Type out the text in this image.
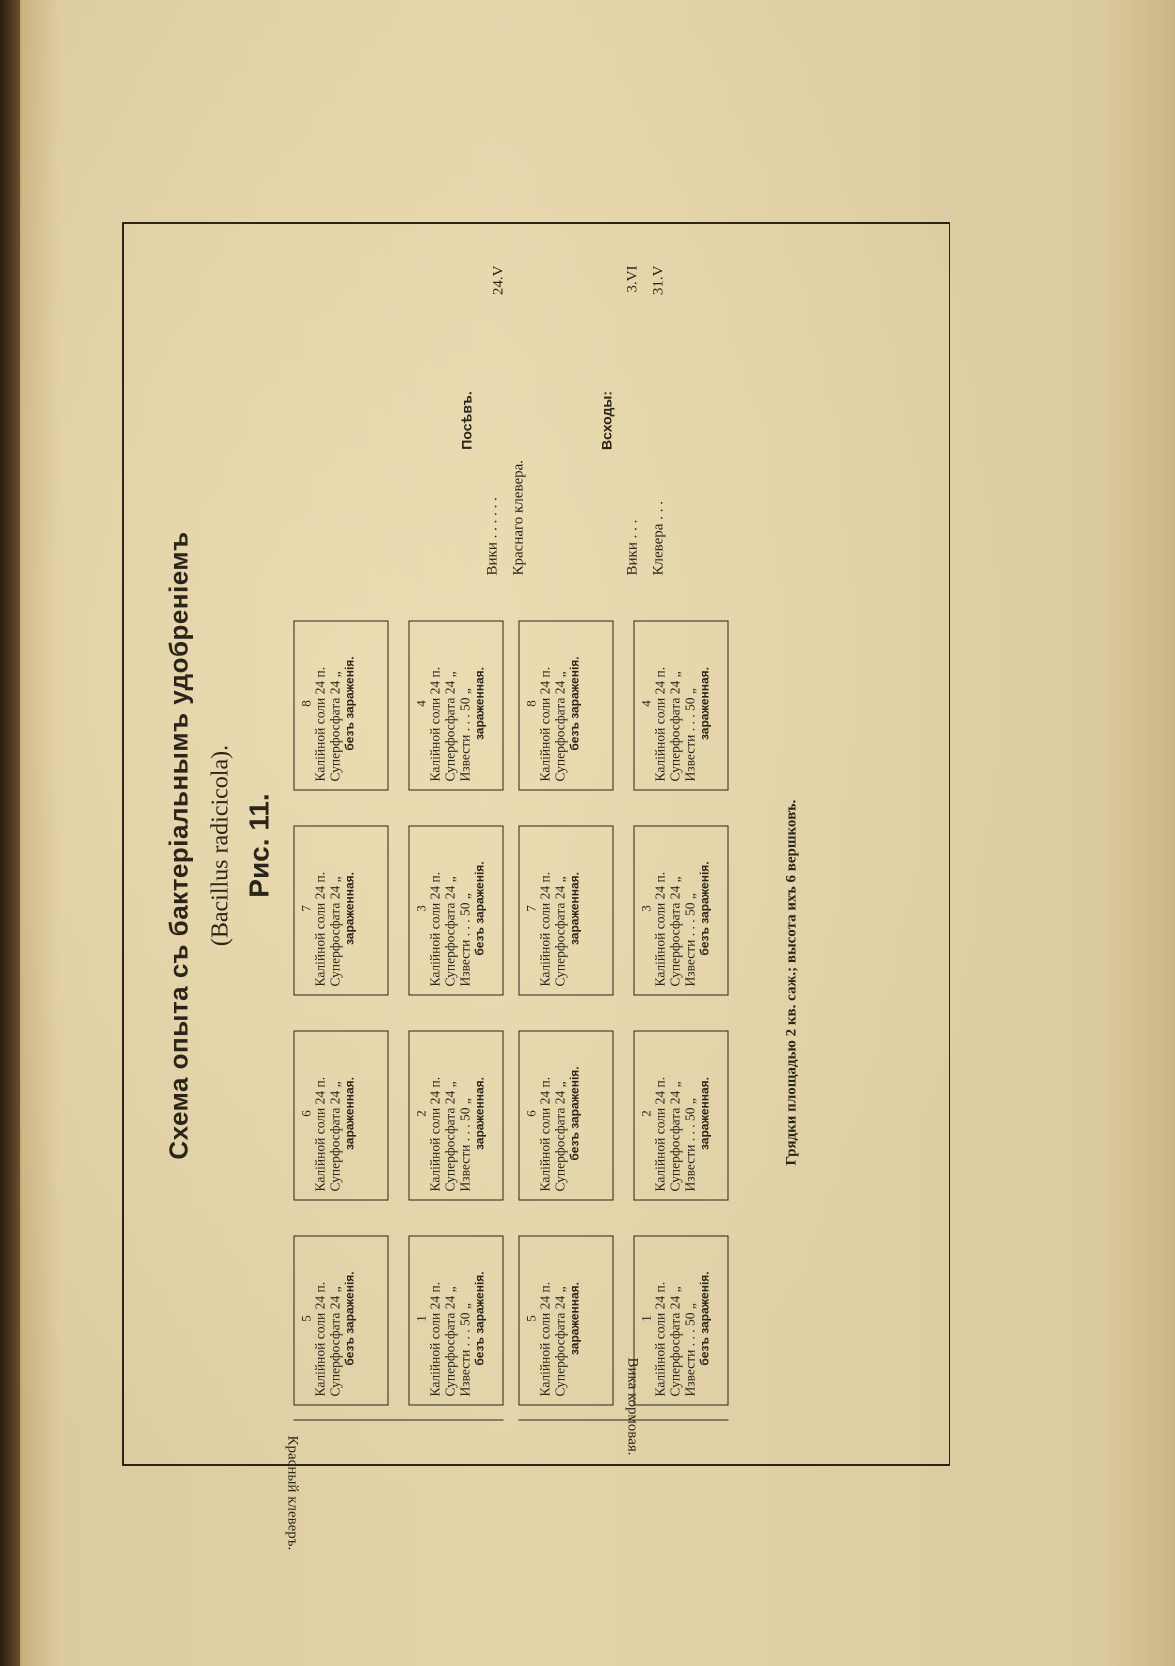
Схема опыта съ бактеріальнымъ удобреніемъ (Bacillus radicicola). Рис. 11.
Красный клеверъ.
5 Калійной соли 24 п. Суперфосфата 24 „ безъ зараженія.
6 Калійной соли 24 п. Суперфосфата 24 „ зараженная.
7 Калійной соли 24 п. Суперфосфата 24 „ зараженная.
8 Калійной соли 24 п. Суперфосфата 24 „ безъ зараженія.
1 Калійной соли 24 п. Суперфосфата 24 „ Извести . . . 50 „ безъ зараженія.
2 Калійной соли 24 п. Суперфосфата 24 „ Извести . . . 50 „ зараженная.
3 Калійной соли 24 п. Суперфосфата 24 „ Извести . . . 50 „ безъ зараженія.
4 Калійной соли 24 п. Суперфосфата 24 „ Извести . . . 50 „ зараженная.
5 Калійной соли 24 п. Суперфосфата 24 „ зараженная.
6 Калійной соли 24 п. Суперфосфата 24 „ безъ зараженія.
7 Калійной соли 24 п. Суперфосфата 24 „ зараженная.
8 Калійной соли 24 п. Суперфосфата 24 „ безъ зараженія.
1 Калійной соли 24 п. Суперфосфата 24 „ Извести . . . 50 „ безъ зараженія.
2 Калійной соли 24 п. Суперфосфата 24 „ Извести . . . 50 „ зараженная.
3 Калійной соли 24 п. Суперфосфата 24 „ Извести . . . 50 „ безъ зараженія.
4 Калійной соли 24 п. Суперфосфата 24 „ Извести . . . 50 „ зараженная.
Посѣвъ.
Вики . . . . . . Краснаго клевера.
24.V
Всходы:
Вики . . .
3.VI
Клевера . . .
31.V
Грядки площадью 2 кв. саж.; высота ихъ 6 вершковъ.
Вика кормовая.
